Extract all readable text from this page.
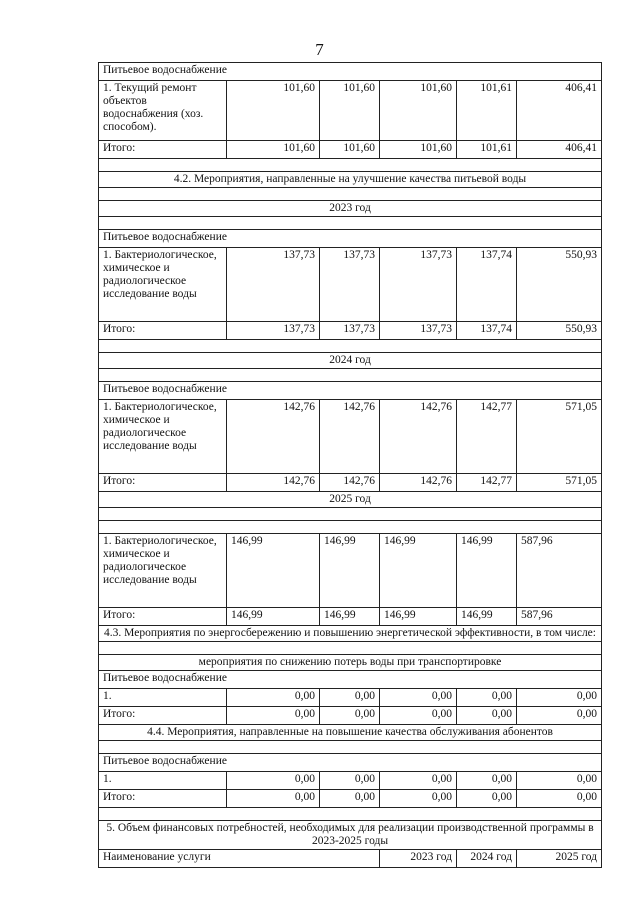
7
Питьевое водоснабжение					
1. Текущий ремонт объектов водоснабжения (хоз. способом).	101,60	101,60	101,60	101,61	406,41
Итого:	101,60	101,60	101,60	101,61	406,41

4.2. Мероприятия, направленные на улучшение качества питьевой воды					

2023 год					

Питьевое водоснабжение					
1. Бактериологическое, химическое и радиологическое исследование воды	137,73	137,73	137,73	137,74	550,93
Итого:	137,73	137,73	137,73	137,74	550,93

2024 год					

Питьевое водоснабжение					
1. Бактериологическое, химическое и радиологическое исследование воды	142,76	142,76	142,76	142,77	571,05
Итого:	142,76	142,76	142,76	142,77	571,05
2025 год					

1. Бактериологическое, химическое и радиологическое исследование воды	146,99	146,99	146,99	146,99	587,96
Итого:	146,99	146,99	146,99	146,99	587,96
4.3. Мероприятия по энергосбережению и повышению энергетической эффективности, в том числе:					

мероприятия по снижению потерь воды при транспортировке					
Питьевое водоснабжение					
1.	0,00	0,00	0,00	0,00	0,00
Итого:	0,00	0,00	0,00	0,00	0,00
4.4. Мероприятия, направленные на повышение качества обслуживания абонентов					

Питьевое водоснабжение					
1.	0,00	0,00	0,00	0,00	0,00
Итого:	0,00	0,00	0,00	0,00	0,00

5. Объем финансовых потребностей, необходимых для реализации производственной программы в 2023-2025 годы					
Наименование услуги			2023 год	2024 год	2025 год
